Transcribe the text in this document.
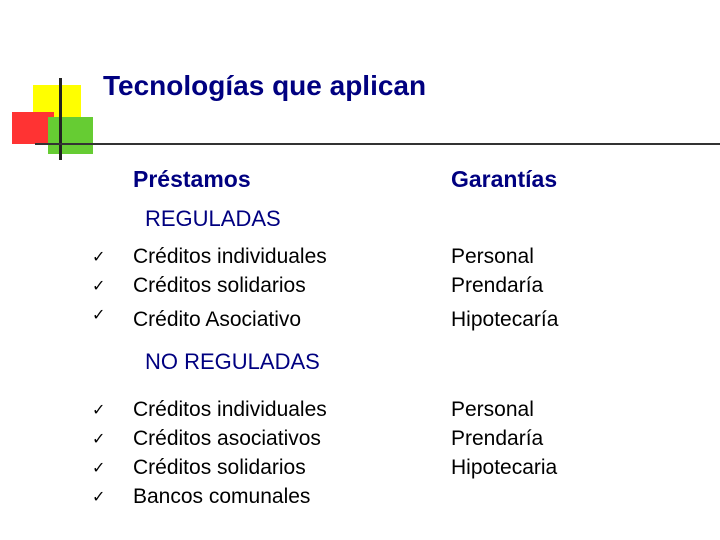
Tecnologías que aplican
Préstamos	Garantías
REGULADAS
✓
✓
✓
Créditos individuales
Créditos solidarios
Crédito Asociativo
Personal
Prendaría
Hipotecaría
NO REGULADAS
✓
✓
✓
✓
Créditos individuales
Créditos asociativos
Créditos solidarios
Bancos comunales
Personal
Prendaría
Hipotecaria
